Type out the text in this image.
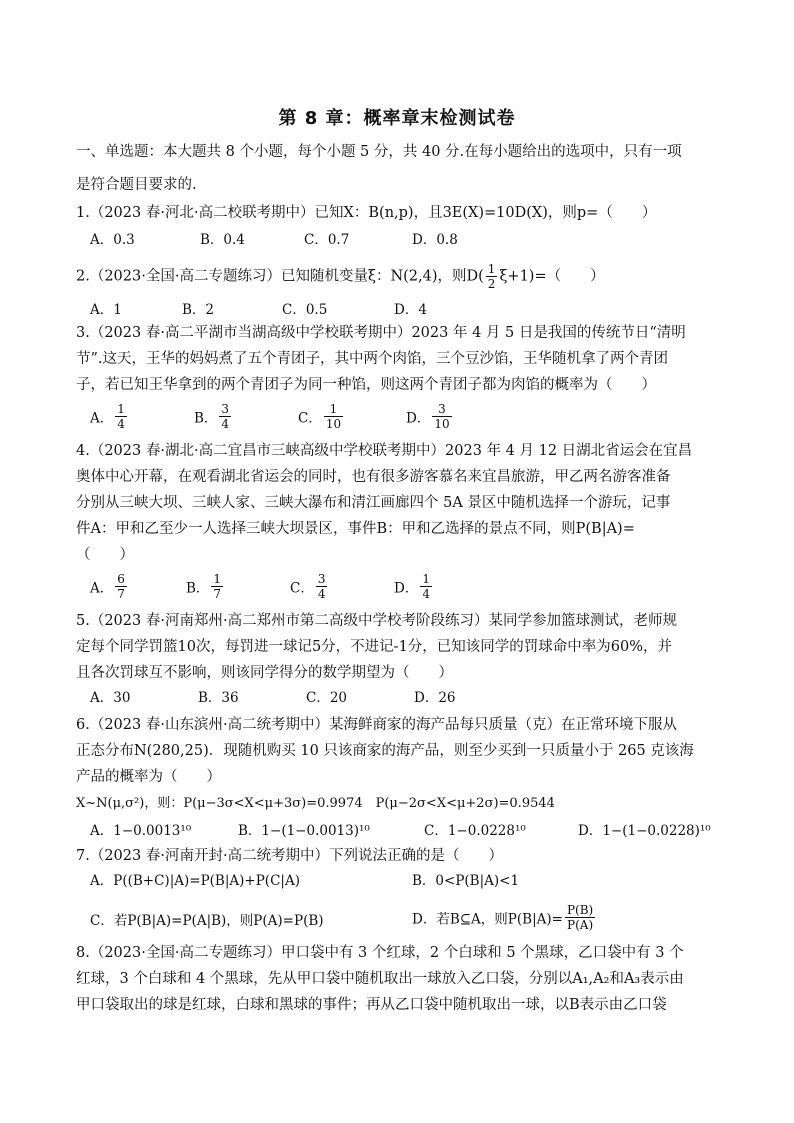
第 8 章：概率章末检测试卷
一、单选题：本大题共 8 个小题，每个小题 5 分，共 40 分.在每小题给出的选项中，只有一项
是符合题目要求的.
1.（2023 春·河北·高二校联考期中）已知X：B(n,p)，且3E(X)=10D(X)，则p=（　　）
A．0.3	B．0.4	C．0.7	D．0.8
2.（2023·全国·高二专题练习）已知随机变量ξ：N(2,4)，则$D( \frac{1}{2} \xi+1)=$（　　）
A．1	B．2	C．0.5	D．4
3.（2023 春·高二平湖市当湖高级中学校联考期中）2023 年 4 月 5 日是我国的传统节日“清明
节”.这天，王华的妈妈煮了五个青团子，其中两个肉馅，三个豆沙馅，王华随机拿了两个青团
子，若已知王华拿到的两个青团子为同一种馅，则这两个青团子都为肉馅的概率为（　　）
A． $\frac{1}{4}$	B． $\frac{3}{4}$	C． $\frac{1}{10}$	D． $\frac{3}{10}$
4.（2023 春·湖北·高二宜昌市三峡高级中学校联考期中）2023 年 4 月 12 日湖北省运会在宜昌
奥体中心开幕，在观看湖北省运会的同时，也有很多游客慕名来宜昌旅游，甲乙两名游客准备
分别从三峡大坝、三峡人家、三峡大瀑布和清江画廊四个 5A 景区中随机选择一个游玩，记事
件A：甲和乙至少一人选择三峡大坝景区，事件B：甲和乙选择的景点不同，则P(B|A)=
（　　）
A． $\frac{6}{7}$	B． $\frac{1}{7}$	C． $\frac{3}{4}$	D． $\frac{1}{4}$
5.（2023 春·河南郑州·高二郑州市第二高级中学校考阶段练习）某同学参加篮球测试，老师规
定每个同学罚篮10次，每罚进一球记5分，不进记-1分，已知该同学的罚球命中率为60%，并
且各次罚球互不影响，则该同学得分的数学期望为（　　）
A．30	B．36	C．20	D．26
6.（2023 春·山东滨州·高二统考期中）某海鲜商家的海产品每只质量（克）在正常环境下服从
正态分布N(280,25)．现随机购买 10 只该商家的海产品，则至少买到一只质量小于 265 克该海
产品的概率为（　　）
X~N(μ,σ²)，则：P(μ−3σ<X<μ+3σ)=0.9974　P(μ−2σ<X<μ+2σ)=0.9544
A．1−0.0013¹⁰	B．1−(1−0.0013)¹⁰	C．1−0.0228¹⁰	D．1−(1−0.0228)¹⁰
7.（2023 春·河南开封·高二统考期中）下列说法正确的是（　　）
A．P((B+C)|A)=P(B|A)+P(C|A)	B．0<P(B|A)<1
C．若P(B|A)=P(A|B)，则P(A)=P(B)	D．若B⊆A，则$P(B|A)= \frac{P(B)}{P(A)}$
8.（2023·全国·高二专题练习）甲口袋中有 3 个红球，2 个白球和 5 个黑球，乙口袋中有 3 个
红球，3 个白球和 4 个黑球，先从甲口袋中随机取出一球放入乙口袋，分别以A₁,A₂和A₃表示由
甲口袋取出的球是红球，白球和黑球的事件；再从乙口袋中随机取出一球，以B表示由乙口袋
